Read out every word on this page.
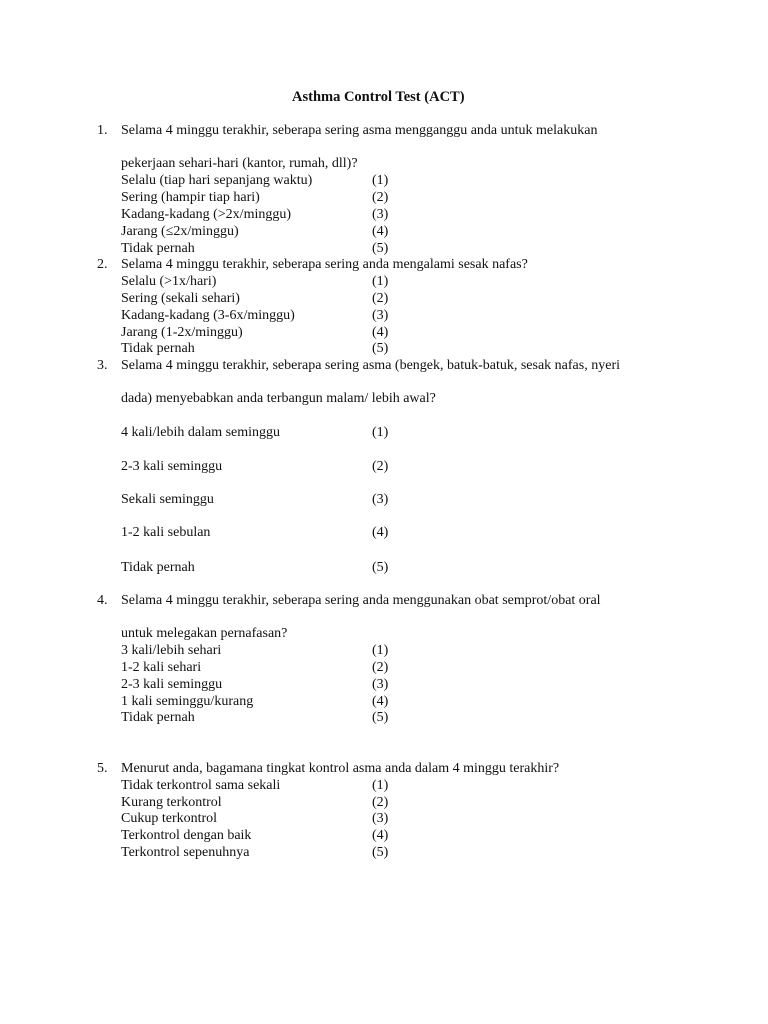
Asthma Control Test (ACT)
1. Selama 4 minggu terakhir, seberapa sering asma mengganggu anda untuk melakukan
pekerjaan sehari-hari (kantor, rumah, dll)?
Selalu (tiap hari sepanjang waktu)	(1)
Sering (hampir tiap hari)	(2)
Kadang-kadang (>2x/minggu)	(3)
Jarang (≤2x/minggu)	(4)
Tidak pernah	(5)
2. Selama 4 minggu terakhir, seberapa sering anda mengalami sesak nafas?
Selalu (>1x/hari)	(1)
Sering (sekali sehari)	(2)
Kadang-kadang (3-6x/minggu)	(3)
Jarang (1-2x/minggu)	(4)
Tidak pernah	(5)
3. Selama 4 minggu terakhir, seberapa sering asma (bengek, batuk-batuk, sesak nafas, nyeri
dada) menyebabkan anda terbangun malam/ lebih awal?
4 kali/lebih dalam seminggu	(1)
2-3 kali seminggu	(2)
Sekali seminggu	(3)
1-2 kali sebulan	(4)
Tidak pernah	(5)
4. Selama 4 minggu terakhir, seberapa sering anda menggunakan obat semprot/obat oral
untuk melegakan pernafasan?
3 kali/lebih sehari	(1)
1-2 kali sehari	(2)
2-3 kali seminggu	(3)
1 kali seminggu/kurang	(4)
Tidak pernah	(5)
5. Menurut anda, bagamana tingkat kontrol asma anda dalam 4 minggu terakhir?
Tidak terkontrol sama sekali	(1)
Kurang terkontrol	(2)
Cukup terkontrol	(3)
Terkontrol dengan baik	(4)
Terkontrol sepenuhnya	(5)
